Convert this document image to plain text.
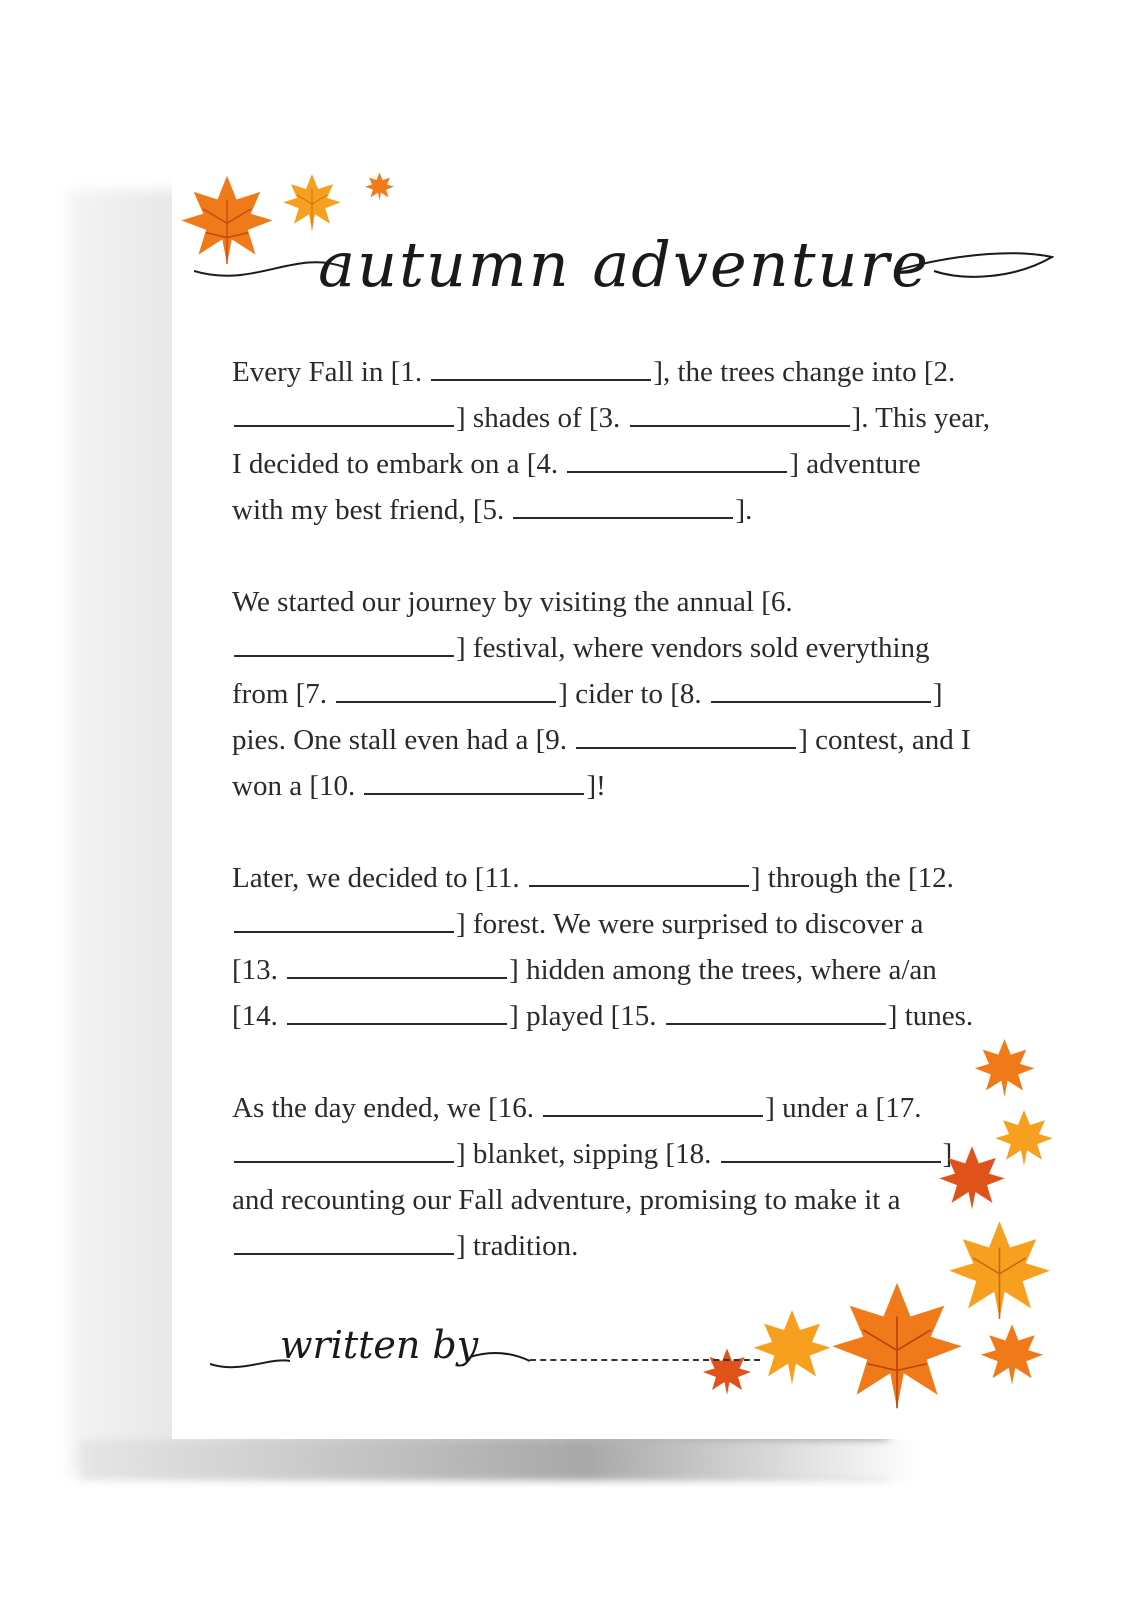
autumn adventure
Every Fall in [1.	], the trees change into [2.
] shades of [3.	]. This year,
I decided to embark on a [4.	] adventure
with my best friend, [5.	].
We started our journey by visiting the annual [6.
] festival, where vendors sold everything
from [7.	] cider to [8.	]
pies. One stall even had a [9.	] contest, and I
won a [10.	]!
Later, we decided to [11.	] through the [12.
] forest. We were surprised to discover a
[13.	] hidden among the trees, where a/an
[14.	] played [15.	] tunes.
As the day ended, we [16.	] under a [17.
] blanket, sipping [18.	]
and recounting our Fall adventure, promising to make it a
] tradition.
written by
